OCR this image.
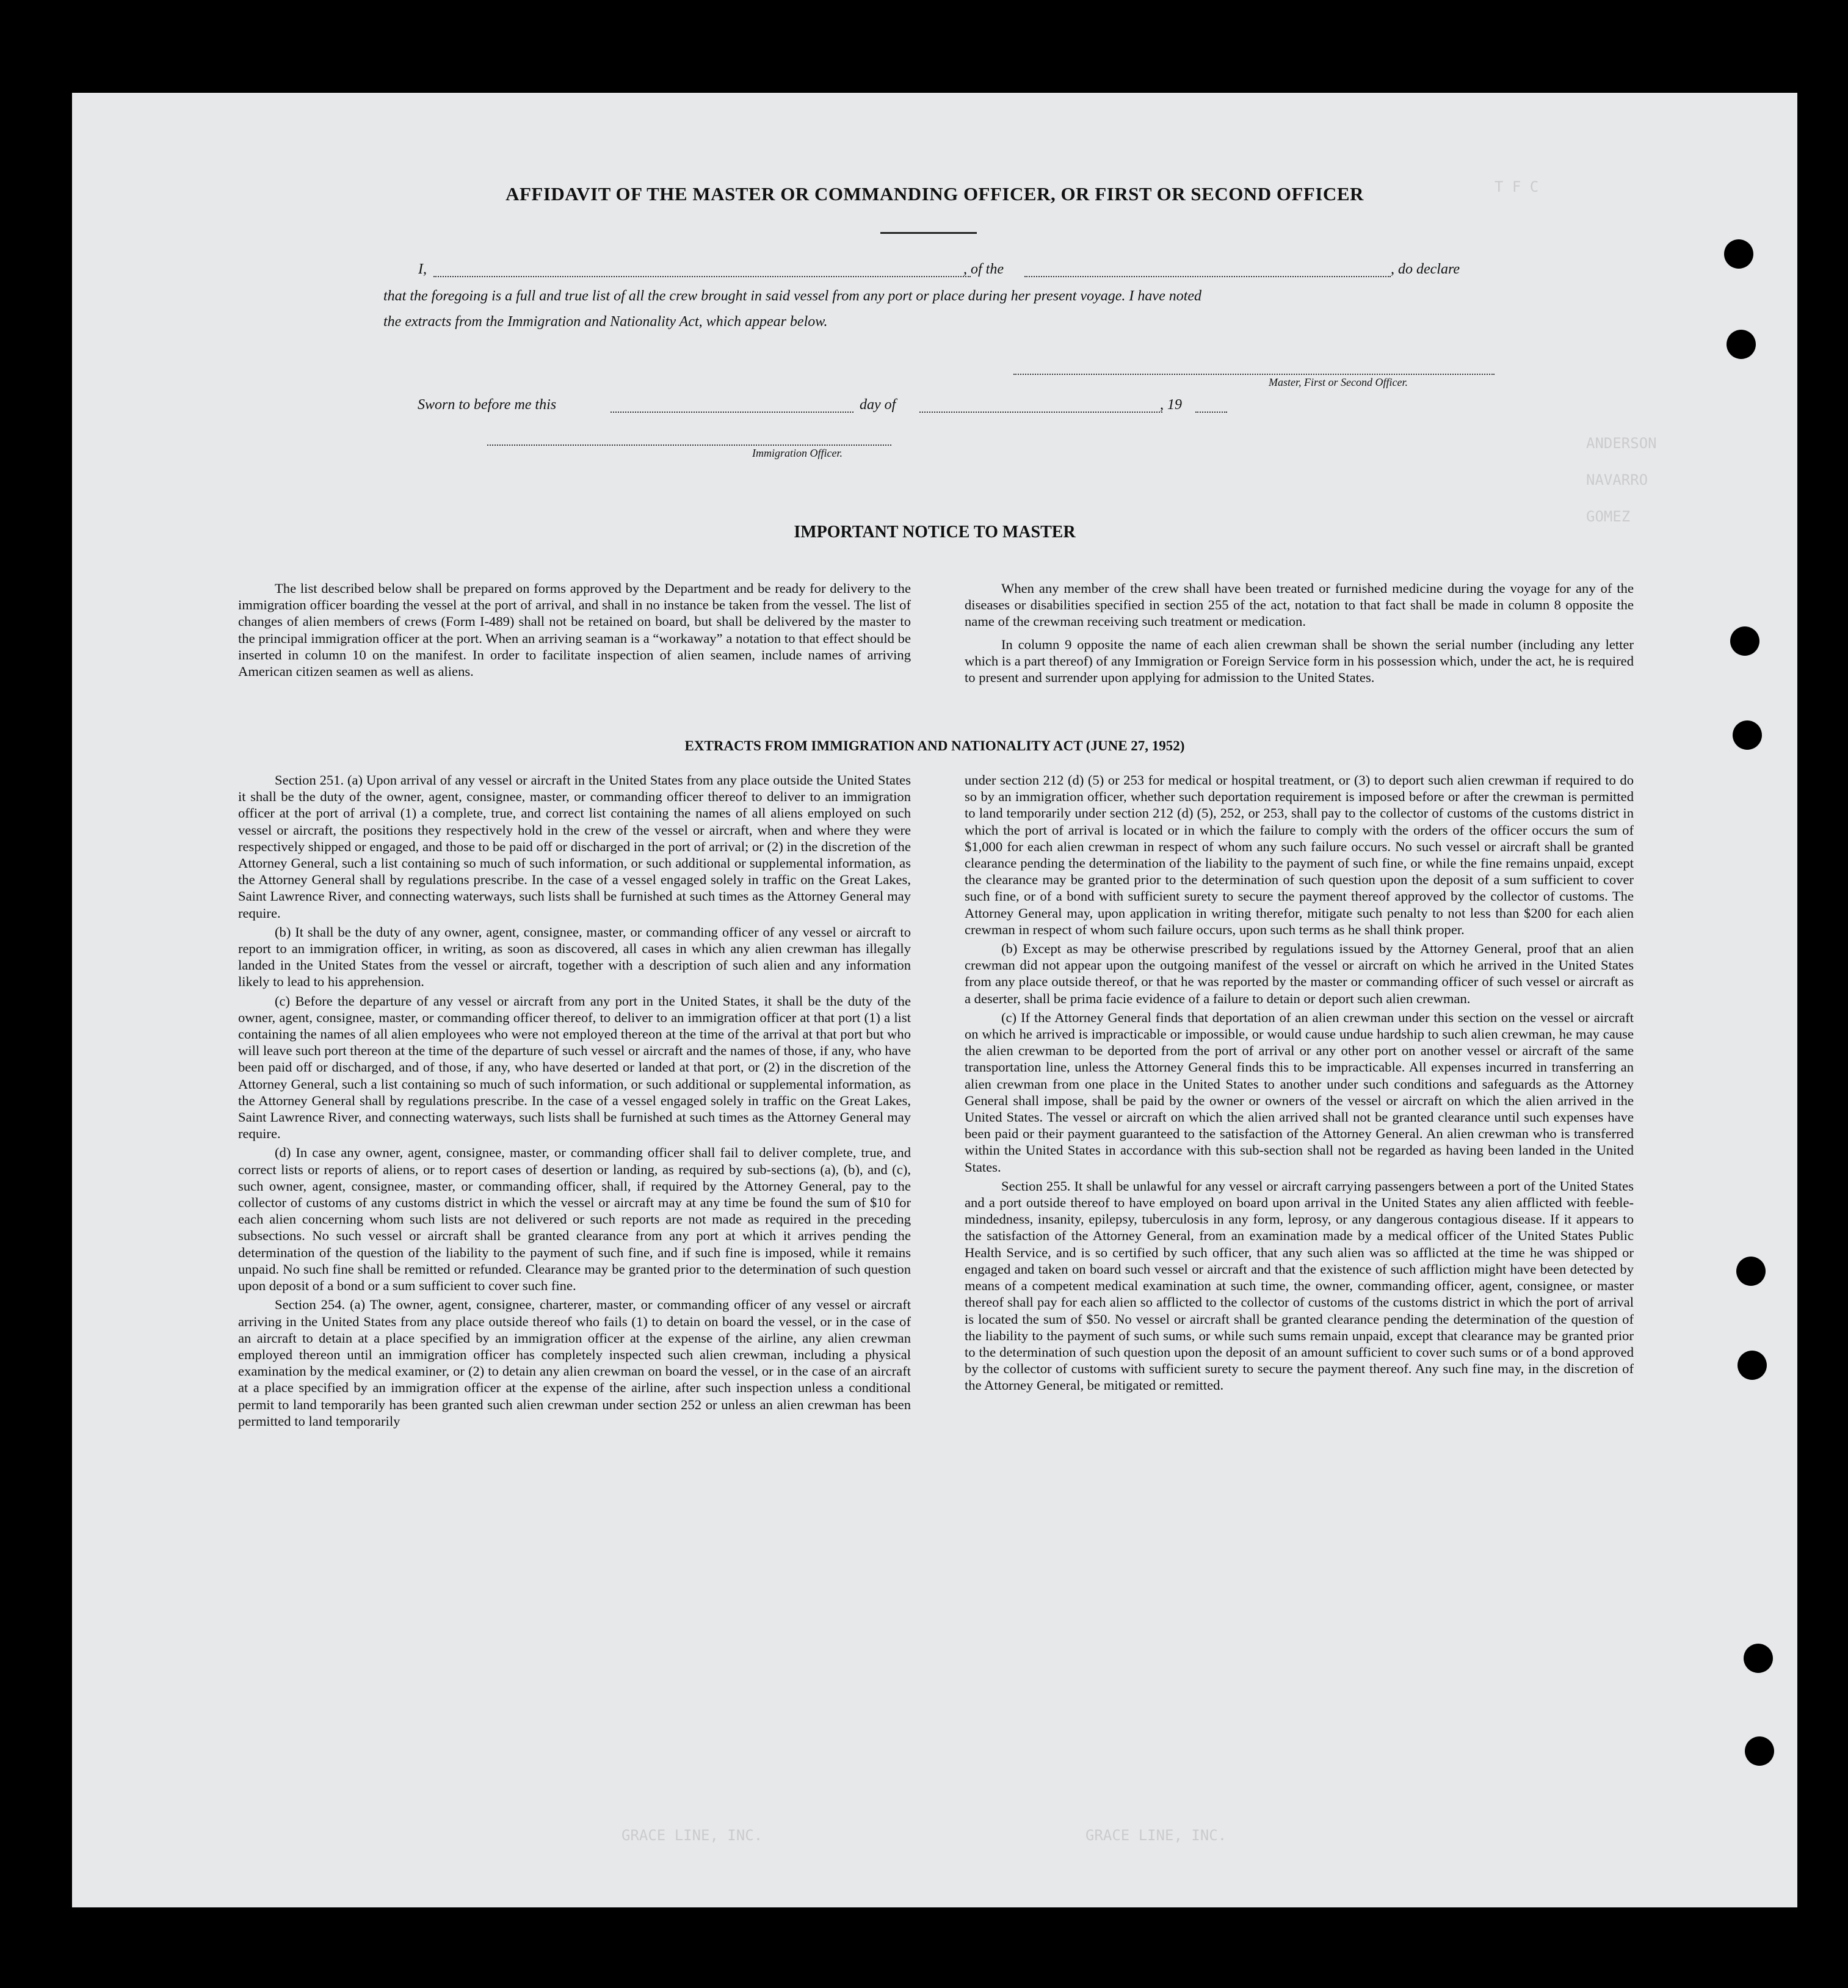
T F C
ANDERSON
NAVARRO
GOMEZ
AFFIDAVIT OF THE MASTER OR COMMANDING OFFICER, OR FIRST OR SECOND OFFICER
I,	, of the	, do declare
that the foregoing is a full and true list of all the crew brought in said vessel from any port or place during her present voyage. I have noted
the extracts from the Immigration and Nationality Act, which appear below.
Master, First or Second Officer.
Sworn to before me this	day of	, 19
Immigration Officer.
IMPORTANT NOTICE TO MASTER

The list described below shall be prepared on forms approved by the Department and be ready for delivery to the immigration officer boarding the vessel at the port of arrival, and shall in no instance be taken from the vessel. The list of changes of alien members of crews (Form I-489) shall not be retained on board, but shall be delivered by the master to the principal immigration officer at the port. When an arriving seaman is a “workaway” a notation to that effect should be inserted in column 10 on the manifest. In order to facilitate inspection of alien seamen, include names of arriving American citizen seamen as well as aliens.

When any member of the crew shall have been treated or furnished medicine during the voyage for any of the diseases or disabilities specified in section 255 of the act, notation to that fact shall be made in column 8 opposite the name of the crewman receiving such treatment or medication.

In column 9 opposite the name of each alien crewman shall be shown the serial number (including any letter which is a part thereof) of any Immigration or Foreign Service form in his possession which, under the act, he is required to present and surrender upon applying for admission to the United States.

EXTRACTS FROM IMMIGRATION AND NATIONALITY ACT (JUNE 27, 1952)

Section 251. (a) Upon arrival of any vessel or aircraft in the United States from any place outside the United States it shall be the duty of the owner, agent, consignee, master, or commanding officer thereof to deliver to an immigration officer at the port of arrival (1) a complete, true, and correct list containing the names of all aliens employed on such vessel or aircraft, the positions they respectively hold in the crew of the vessel or aircraft, when and where they were respectively shipped or engaged, and those to be paid off or discharged in the port of arrival; or (2) in the discretion of the Attorney General, such a list containing so much of such information, or such additional or supplemental information, as the Attorney General shall by regulations prescribe. In the case of a vessel engaged solely in traffic on the Great Lakes, Saint Lawrence River, and connecting waterways, such lists shall be furnished at such times as the Attorney General may require.

(b) It shall be the duty of any owner, agent, consignee, master, or commanding officer of any vessel or aircraft to report to an immigration officer, in writing, as soon as discovered, all cases in which any alien crewman has illegally landed in the United States from the vessel or aircraft, together with a description of such alien and any information likely to lead to his apprehension.

(c) Before the departure of any vessel or aircraft from any port in the United States, it shall be the duty of the owner, agent, consignee, master, or commanding officer thereof, to deliver to an immigration officer at that port (1) a list containing the names of all alien employees who were not employed thereon at the time of the arrival at that port but who will leave such port thereon at the time of the departure of such vessel or aircraft and the names of those, if any, who have been paid off or discharged, and of those, if any, who have deserted or landed at that port, or (2) in the discretion of the Attorney General, such a list containing so much of such information, or such additional or supplemental information, as the Attorney General shall by regulations prescribe. In the case of a vessel engaged solely in traffic on the Great Lakes, Saint Lawrence River, and connecting waterways, such lists shall be furnished at such times as the Attorney General may require.

(d) In case any owner, agent, consignee, master, or commanding officer shall fail to deliver complete, true, and correct lists or reports of aliens, or to report cases of desertion or landing, as required by sub-sections (a), (b), and (c), such owner, agent, consignee, master, or commanding officer, shall, if required by the Attorney General, pay to the collector of customs of any customs district in which the vessel or aircraft may at any time be found the sum of $10 for each alien concerning whom such lists are not delivered or such reports are not made as required in the preceding subsections. No such vessel or aircraft shall be granted clearance from any port at which it arrives pending the determination of the question of the liability to the payment of such fine, and if such fine is imposed, while it remains unpaid. No such fine shall be remitted or refunded. Clearance may be granted prior to the determination of such question upon deposit of a bond or a sum sufficient to cover such fine.

Section 254. (a) The owner, agent, consignee, charterer, master, or commanding officer of any vessel or aircraft arriving in the United States from any place outside thereof who fails (1) to detain on board the vessel, or in the case of an aircraft to detain at a place specified by an immigration officer at the expense of the airline, any alien crewman employed thereon until an immigration officer has completely inspected such alien crewman, including a physical examination by the medical examiner, or (2) to detain any alien crewman on board the vessel, or in the case of an aircraft at a place specified by an immigration officer at the expense of the airline, after such inspection unless a conditional permit to land temporarily has been granted such alien crewman under section 252 or unless an alien crewman has been permitted to land temporarily

under section 212 (d) (5) or 253 for medical or hospital treatment, or (3) to deport such alien crewman if required to do so by an immigration officer, whether such deportation requirement is imposed before or after the crewman is permitted to land temporarily under section 212 (d) (5), 252, or 253, shall pay to the collector of customs of the customs district in which the port of arrival is located or in which the failure to comply with the orders of the officer occurs the sum of $1,000 for each alien crewman in respect of whom any such failure occurs. No such vessel or aircraft shall be granted clearance pending the determination of the liability to the payment of such fine, or while the fine remains unpaid, except the clearance may be granted prior to the determination of such question upon the deposit of a sum sufficient to cover such fine, or of a bond with sufficient surety to secure the payment thereof approved by the collector of customs. The Attorney General may, upon application in writing therefor, mitigate such penalty to not less than $200 for each alien crewman in respect of whom such failure occurs, upon such terms as he shall think proper.

(b) Except as may be otherwise prescribed by regulations issued by the Attorney General, proof that an alien crewman did not appear upon the outgoing manifest of the vessel or aircraft on which he arrived in the United States from any place outside thereof, or that he was reported by the master or commanding officer of such vessel or aircraft as a deserter, shall be prima facie evidence of a failure to detain or deport such alien crewman.

(c) If the Attorney General finds that deportation of an alien crewman under this section on the vessel or aircraft on which he arrived is impracticable or impossible, or would cause undue hardship to such alien crewman, he may cause the alien crewman to be deported from the port of arrival or any other port on another vessel or aircraft of the same transportation line, unless the Attorney General finds this to be impracticable. All expenses incurred in transferring an alien crewman from one place in the United States to another under such conditions and safeguards as the Attorney General shall impose, shall be paid by the owner or owners of the vessel or aircraft on which the alien arrived in the United States. The vessel or aircraft on which the alien arrived shall not be granted clearance until such expenses have been paid or their payment guaranteed to the satisfaction of the Attorney General. An alien crewman who is transferred within the United States in accordance with this sub-section shall not be regarded as having been landed in the United States.

Section 255. It shall be unlawful for any vessel or aircraft carrying passengers between a port of the United States and a port outside thereof to have employed on board upon arrival in the United States any alien afflicted with feeble-mindedness, insanity, epilepsy, tuberculosis in any form, leprosy, or any dangerous contagious disease. If it appears to the satisfaction of the Attorney General, from an examination made by a medical officer of the United States Public Health Service, and is so certified by such officer, that any such alien was so afflicted at the time he was shipped or engaged and taken on board such vessel or aircraft and that the existence of such affliction might have been detected by means of a competent medical examination at such time, the owner, commanding officer, agent, consignee, or master thereof shall pay for each alien so afflicted to the collector of customs of the customs district in which the port of arrival is located the sum of $50. No vessel or aircraft shall be granted clearance pending the determination of the question of the liability to the payment of such sums, or while such sums remain unpaid, except that clearance may be granted prior to the determination of such question upon the deposit of an amount sufficient to cover such sums or of a bond approved by the collector of customs with sufficient surety to secure the payment thereof. Any such fine may, in the discretion of the Attorney General, be mitigated or remitted.

GRACE LINE, INC.	GRACE LINE, INC.
